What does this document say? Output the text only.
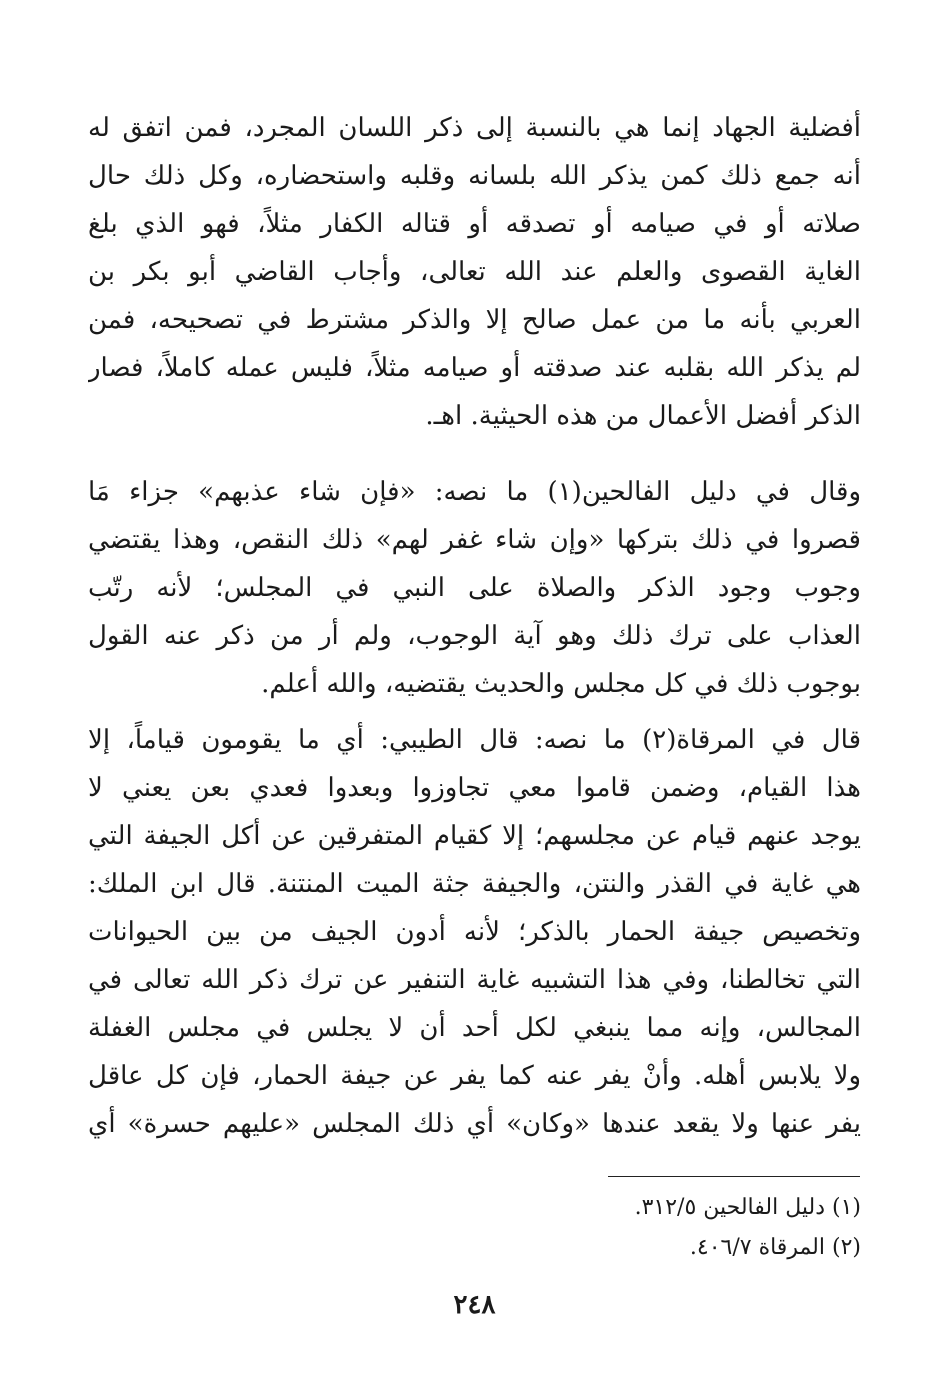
أفضلية الجهاد إنما هي بالنسبة إلى ذكر اللسان المجرد، فمن اتفق له
أنه جمع ذلك كمن يذكر الله بلسانه وقلبه واستحضاره، وكل ذلك حال
صلاته أو في صيامه أو تصدقه أو قتاله الكفار مثلاً، فهو الذي بلغ
الغاية القصوى والعلم عند الله تعالى، وأجاب القاضي أبو بكر بن
العربي بأنه ما من عمل صالح إلا والذكر مشترط في تصحيحه، فمن
لم يذكر الله بقلبه عند صدقته أو صيامه مثلاً، فليس عمله كاملاً، فصار
الذكر أفضل الأعمال من هذه الحيثية. اهـ.
وقال في دليل الفالحين(١) ما نصه: «فإن شاء عذبهم» جزاء مَا
قصروا في ذلك بتركها «وإن شاء غفر لهم» ذلك النقص، وهذا يقتضي
وجوب وجود الذكر والصلاة على النبي في المجلس؛ لأنه رتّب
العذاب على ترك ذلك وهو آية الوجوب، ولم أر من ذكر عنه القول
بوجوب ذلك في كل مجلس والحديث يقتضيه، والله أعلم.
قال في المرقاة(٢) ما نصه: قال الطيبي: أي ما يقومون قياماً، إلا
هذا القيام، وضمن قاموا معي تجاوزوا وبعدوا فعدي بعن يعني لا
يوجد عنهم قيام عن مجلسهم؛ إلا كقيام المتفرقين عن أكل الجيفة التي
هي غاية في القذر والنتن، والجيفة جثة الميت المنتنة. قال ابن الملك:
وتخصيص جيفة الحمار بالذكر؛ لأنه أدون الجيف من بين الحيوانات
التي تخالطنا، وفي هذا التشبيه غاية التنفير عن ترك ذكر الله تعالى في
المجالس، وإنه مما ينبغي لكل أحد أن لا يجلس في مجلس الغفلة
ولا يلابس أهله. وأنْ يفر عنه كما يفر عن جيفة الحمار، فإن كل عاقل
يفر عنها ولا يقعد عندها «وكان» أي ذلك المجلس «عليهم حسرة» أي
(١) دليل الفالحين ٣١٢/٥.
(٢) المرقاة ٤٠٦/٧.
٢٤٨
